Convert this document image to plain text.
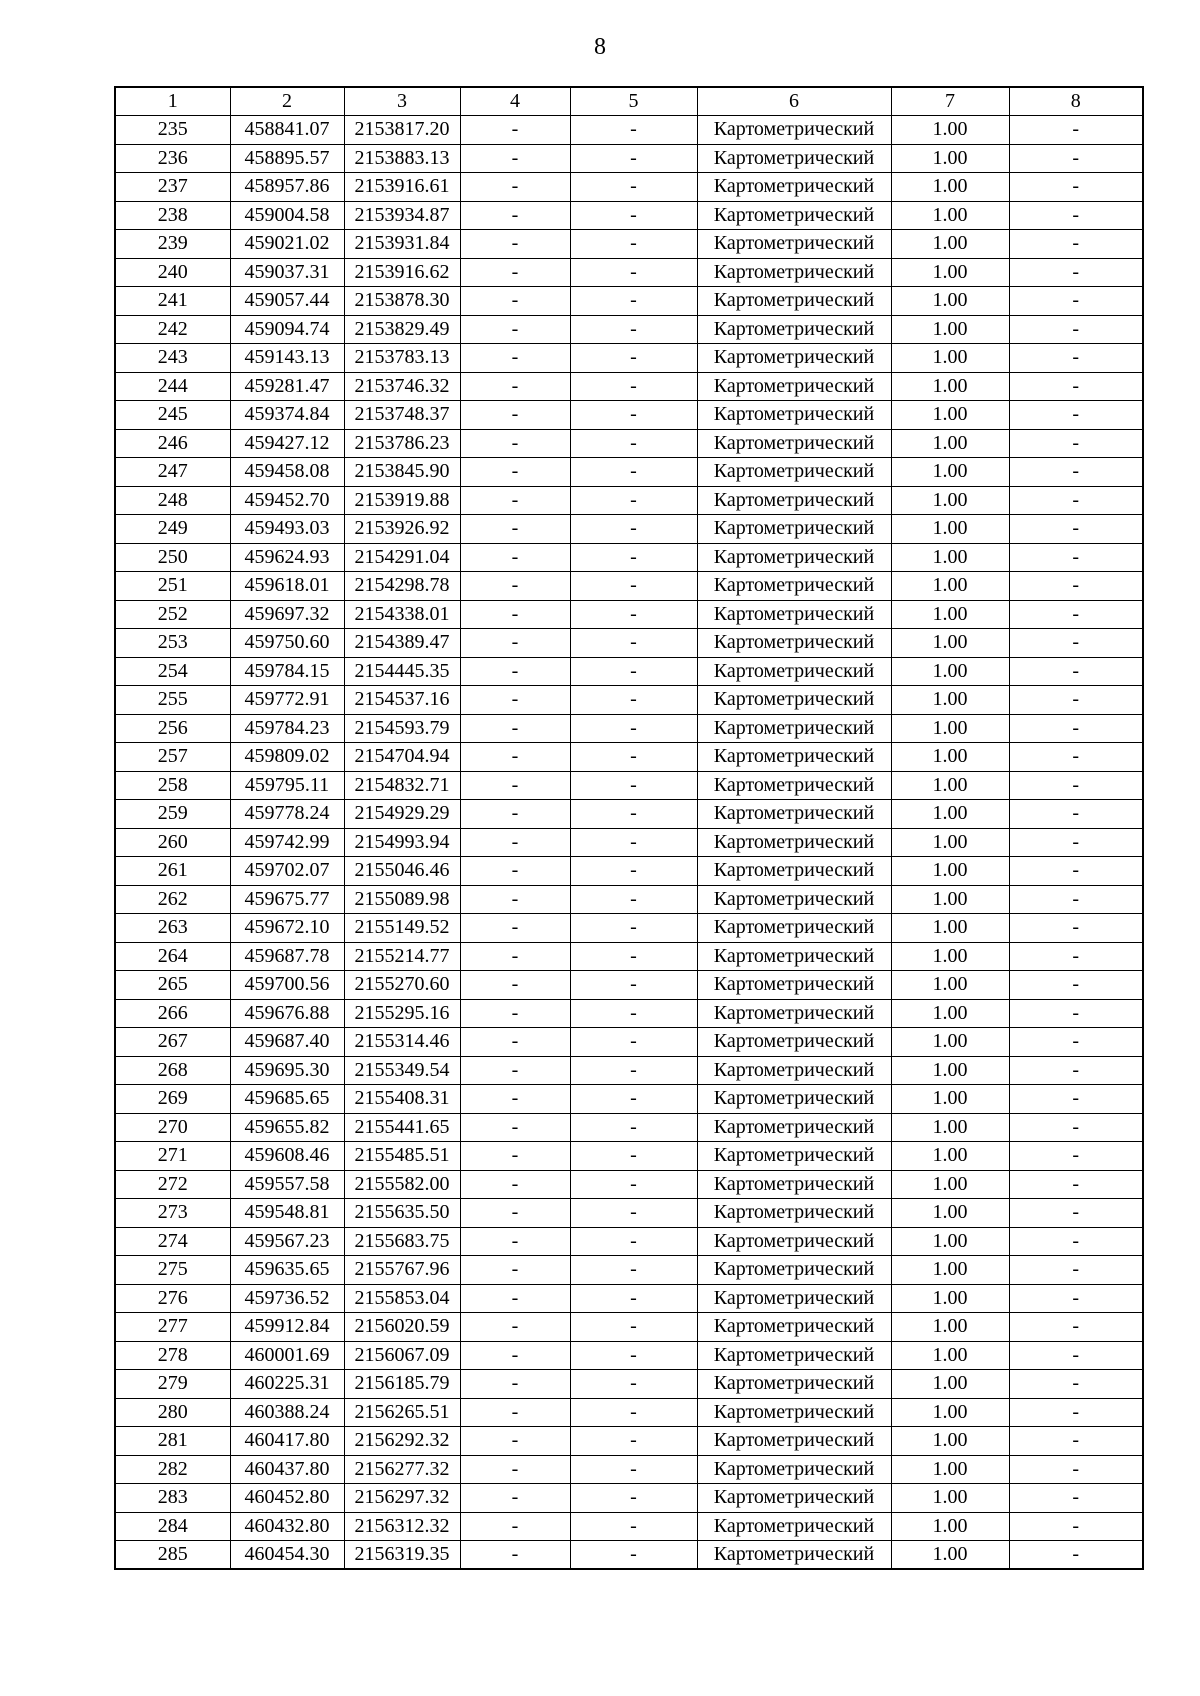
8
1	2	3	4	5	6	7	8
235	458841.07	2153817.20	-	-	Картометрический	1.00	-
236	458895.57	2153883.13	-	-	Картометрический	1.00	-
237	458957.86	2153916.61	-	-	Картометрический	1.00	-
238	459004.58	2153934.87	-	-	Картометрический	1.00	-
239	459021.02	2153931.84	-	-	Картометрический	1.00	-
240	459037.31	2153916.62	-	-	Картометрический	1.00	-
241	459057.44	2153878.30	-	-	Картометрический	1.00	-
242	459094.74	2153829.49	-	-	Картометрический	1.00	-
243	459143.13	2153783.13	-	-	Картометрический	1.00	-
244	459281.47	2153746.32	-	-	Картометрический	1.00	-
245	459374.84	2153748.37	-	-	Картометрический	1.00	-
246	459427.12	2153786.23	-	-	Картометрический	1.00	-
247	459458.08	2153845.90	-	-	Картометрический	1.00	-
248	459452.70	2153919.88	-	-	Картометрический	1.00	-
249	459493.03	2153926.92	-	-	Картометрический	1.00	-
250	459624.93	2154291.04	-	-	Картометрический	1.00	-
251	459618.01	2154298.78	-	-	Картометрический	1.00	-
252	459697.32	2154338.01	-	-	Картометрический	1.00	-
253	459750.60	2154389.47	-	-	Картометрический	1.00	-
254	459784.15	2154445.35	-	-	Картометрический	1.00	-
255	459772.91	2154537.16	-	-	Картометрический	1.00	-
256	459784.23	2154593.79	-	-	Картометрический	1.00	-
257	459809.02	2154704.94	-	-	Картометрический	1.00	-
258	459795.11	2154832.71	-	-	Картометрический	1.00	-
259	459778.24	2154929.29	-	-	Картометрический	1.00	-
260	459742.99	2154993.94	-	-	Картометрический	1.00	-
261	459702.07	2155046.46	-	-	Картометрический	1.00	-
262	459675.77	2155089.98	-	-	Картометрический	1.00	-
263	459672.10	2155149.52	-	-	Картометрический	1.00	-
264	459687.78	2155214.77	-	-	Картометрический	1.00	-
265	459700.56	2155270.60	-	-	Картометрический	1.00	-
266	459676.88	2155295.16	-	-	Картометрический	1.00	-
267	459687.40	2155314.46	-	-	Картометрический	1.00	-
268	459695.30	2155349.54	-	-	Картометрический	1.00	-
269	459685.65	2155408.31	-	-	Картометрический	1.00	-
270	459655.82	2155441.65	-	-	Картометрический	1.00	-
271	459608.46	2155485.51	-	-	Картометрический	1.00	-
272	459557.58	2155582.00	-	-	Картометрический	1.00	-
273	459548.81	2155635.50	-	-	Картометрический	1.00	-
274	459567.23	2155683.75	-	-	Картометрический	1.00	-
275	459635.65	2155767.96	-	-	Картометрический	1.00	-
276	459736.52	2155853.04	-	-	Картометрический	1.00	-
277	459912.84	2156020.59	-	-	Картометрический	1.00	-
278	460001.69	2156067.09	-	-	Картометрический	1.00	-
279	460225.31	2156185.79	-	-	Картометрический	1.00	-
280	460388.24	2156265.51	-	-	Картометрический	1.00	-
281	460417.80	2156292.32	-	-	Картометрический	1.00	-
282	460437.80	2156277.32	-	-	Картометрический	1.00	-
283	460452.80	2156297.32	-	-	Картометрический	1.00	-
284	460432.80	2156312.32	-	-	Картометрический	1.00	-
285	460454.30	2156319.35	-	-	Картометрический	1.00	-
